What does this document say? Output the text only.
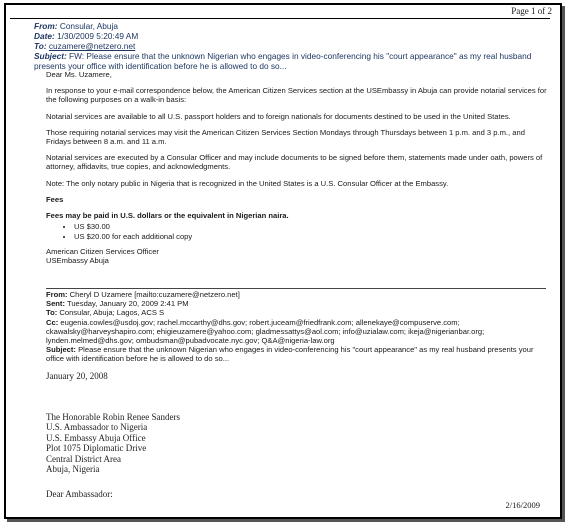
Page 1 of 2
From: Consular, Abuja
Date: 1/30/2009 5:20:49 AM
To: cuzamere@netzero.net
Subject: FW: Please ensure that the unknown Nigerian who engages in video-conferencing his "court appearance" as my real husband presents your office with identification before he is allowed to do so...

Dear Ms. Uzamere,

In response to your e-mail correspondence below, the American Citizen Services section at the USEmbassy in Abuja can provide notarial services for the following purposes on a walk-in basis:

Notarial services are available to all U.S. passport holders and to foreign nationals for documents destined to be used in the United States.

Those requiring notarial services may visit the American Citizen Services Section Mondays through Thursdays between 1 p.m. and 3 p.m., and Fridays between 8 a.m. and 11 a.m.

Notarial services are executed by a Consular Officer and may include documents to be signed before them, statements made under oath, powers of attorney, affidavits, true copies, and acknowledgments.

Note: The only notary public in Nigeria that is recognized in the United States is a U.S. Consular Officer at the Embassy.

Fees

Fees may be paid in U.S. dollars or the equivalent in Nigerian naira.

• US $30.00
• US $20.00 for each additional copy
American Citizen Services Officer
USEmbassy Abuja
From: Cheryl D Uzamere [mailto:cuzamere@netzero.net]
Sent: Tuesday, January 20, 2009 2:41 PM
To: Consular, Abuja; Lagos, ACS S
Cc: eugenia.cowles@usdoj.gov; rachel.mccarthy@dhs.gov; robert.juceam@friedfrank.com; allenekaye@compuserve.com; ckawalsky@harveyshapiro.com; ehigieuzamere@yahoo.com; gladmessattys@aol.com; info@uzialaw.com; ikeja@nigerianbar.org; lynden.melmed@dhs.gov; ombudsman@pubadvocate.nyc.gov; Q&A@nigeria-law.org
Subject: Please ensure that the unknown Nigerian who engages in video-conferencing his "court appearance" as my real husband presents your office with identification before he is allowed to do so...
January 20, 2008
The Honorable Robin Renee Sanders
U.S. Ambassador to Nigeria
U.S. Embassy Abuja Office
Plot 1075 Diplomatic Drive
Central District Area
Abuja, Nigeria
Dear Ambassador:
2/16/2009
